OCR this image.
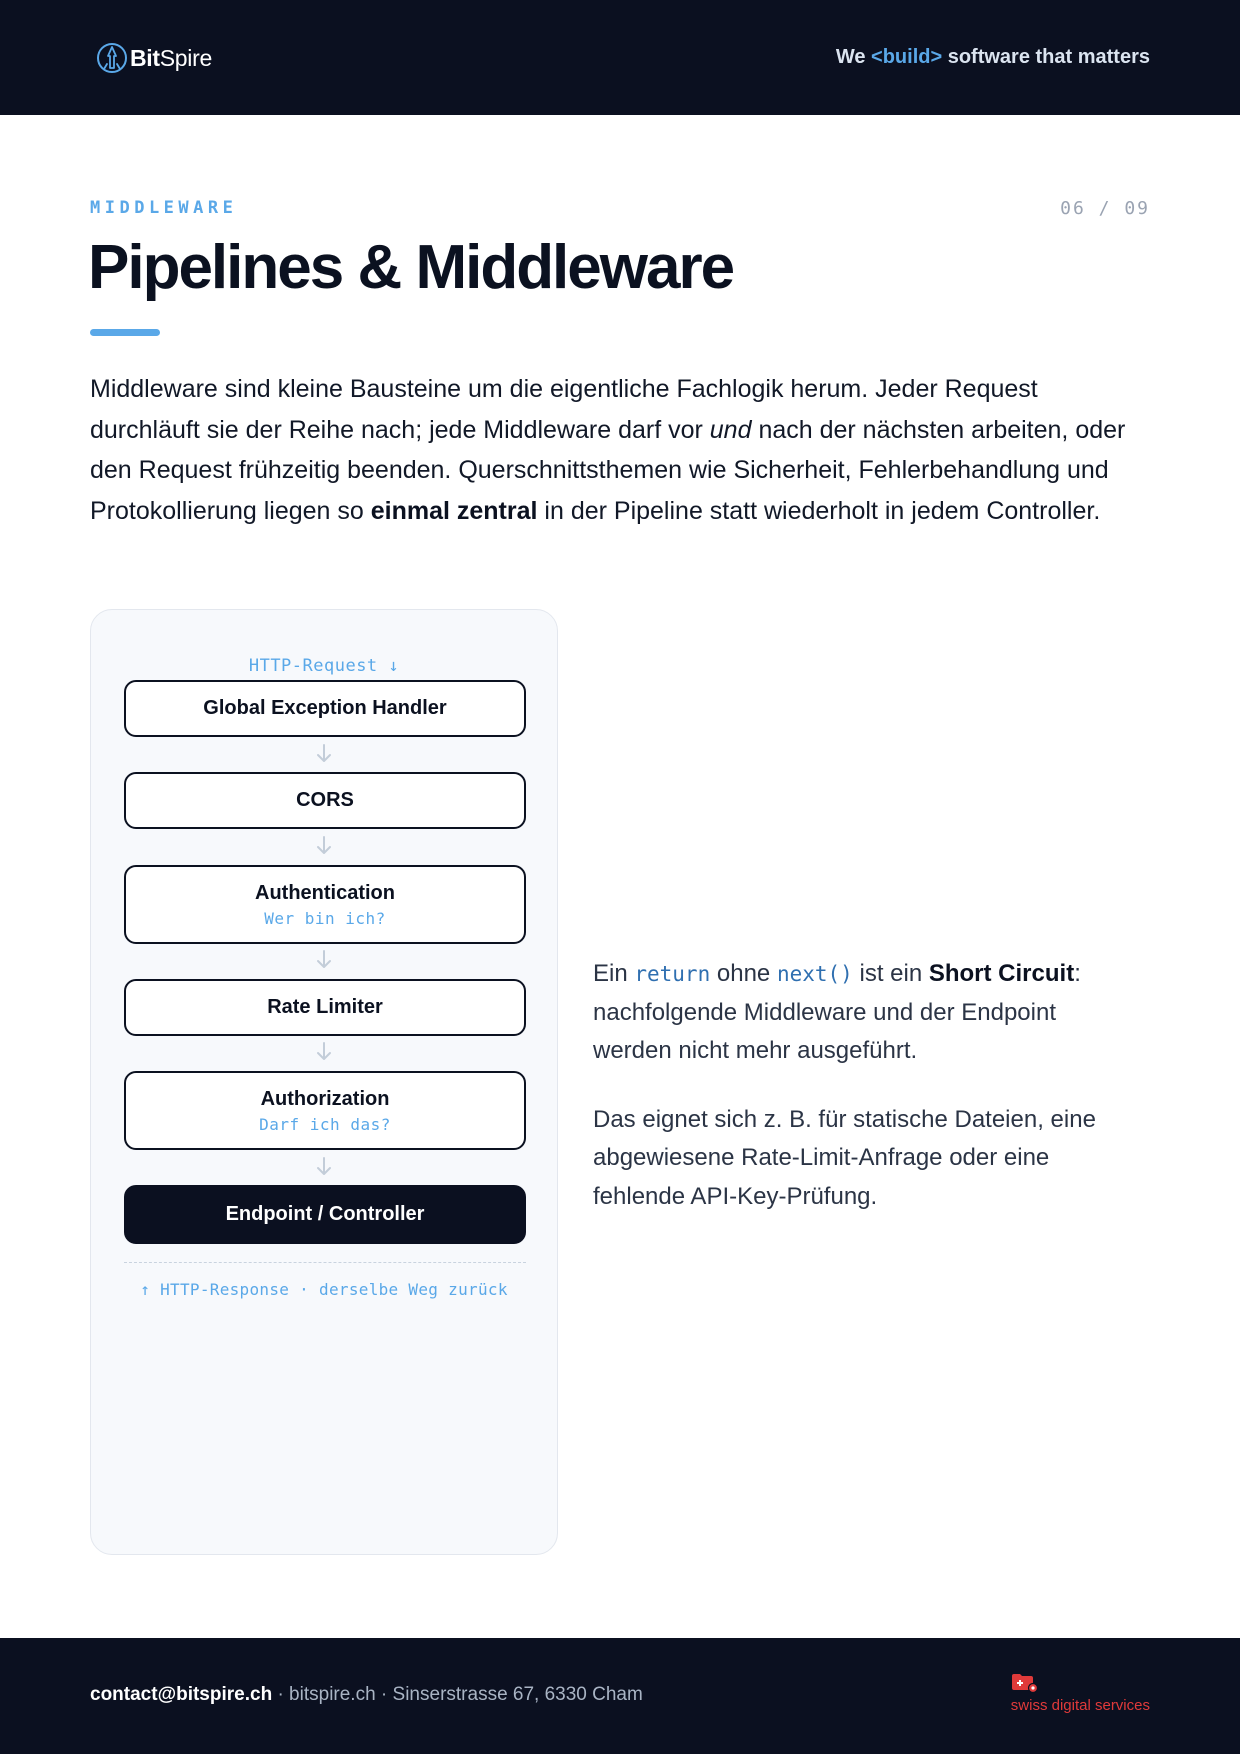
BitSpire	We <build> software that matters
MIDDLEWARE	06 / 09
Pipelines & Middleware

Middleware sind kleine Bausteine um die eigentliche Fachlogik herum. Jeder Request durchläuft sie der Reihe nach; jede Middleware darf vor und nach der nächsten arbeiten, oder den Request frühzeitig beenden. Querschnittsthemen wie Sicherheit, Fehlerbehandlung und Protokollierung liegen so einmal zentral in der Pipeline statt wiederholt in jedem Controller.

HTTP-Request ↓
Global Exception Handler
CORS
Authentication
Wer bin ich?
Rate Limiter
Authorization
Darf ich das?
Endpoint / Controller
↑ HTTP-Response · derselbe Weg zurück

Ein return ohne next() ist ein Short Circuit: nachfolgende Middleware und der Endpoint werden nicht mehr ausgeführt.

Das eignet sich z. B. für statische Dateien, eine abgewiesene Rate-Limit-Anfrage oder eine fehlende API-Key-Prüfung.

contact@bitspire.ch · bitspire.ch · Sinserstrasse 67, 6330 Cham
swiss digital services
